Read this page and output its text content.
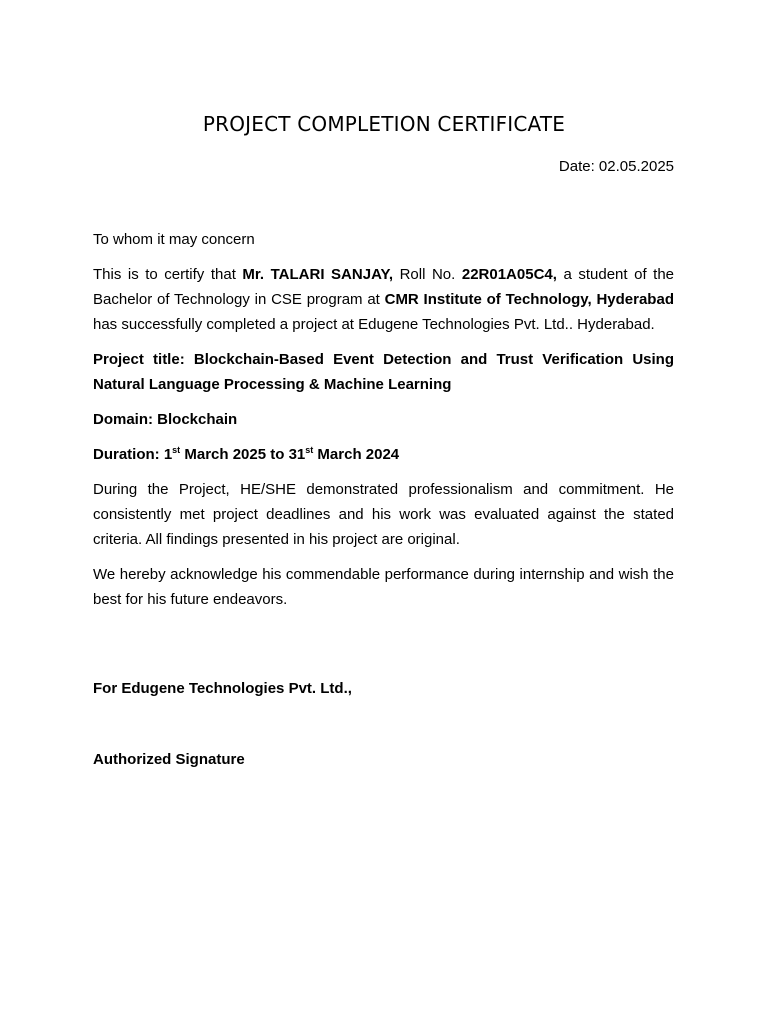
PROJECT COMPLETION CERTIFICATE
Date: 02.05.2025

To whom it may concern

This is to certify that Mr. TALARI SANJAY, Roll No. 22R01A05C4, a student of the Bachelor of Technology in CSE program at CMR Institute of Technology, Hyderabad has successfully completed a project at Edugene Technologies Pvt. Ltd.. Hyderabad.

Project title: Blockchain-Based Event Detection and Trust Verification Using Natural Language Processing & Machine Learning

Domain: Blockchain

Duration: 1st March 2025 to 31st March 2024

During the Project, HE/SHE demonstrated professionalism and commitment. He consistently met project deadlines and his work was evaluated against the stated criteria. All findings presented in his project are original.

We hereby acknowledge his commendable performance during internship and wish the best for his future endeavors.

For Edugene Technologies Pvt. Ltd.,
Authorized Signature
